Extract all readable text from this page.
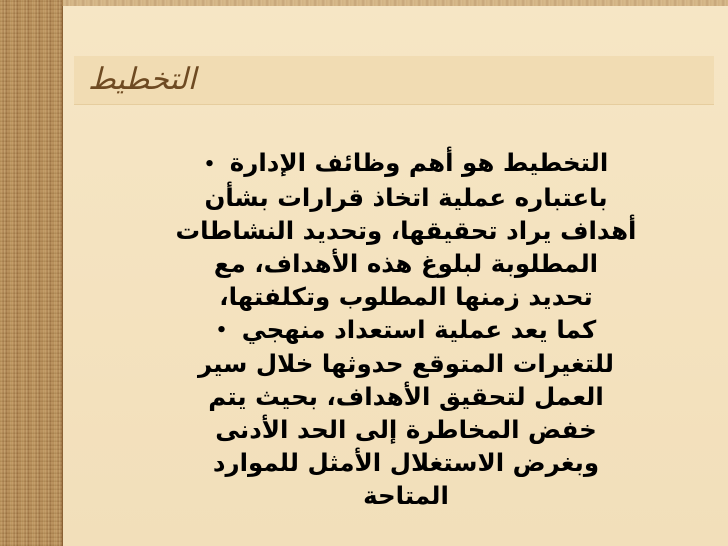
التخطيط

التخطيط هو أهم وظائف الإدارة •
باعتباره عملية اتخاذ قرارات بشأن
أهداف يراد تحقيقها، وتحديد النشاطات
المطلوبة لبلوغ هذه الأهداف، مع
تحديد زمنها المطلوب وتكلفتها،

كما يعد عملية استعداد منهجي •
للتغيرات المتوقع حدوثها خلال سير
العمل لتحقيق الأهداف، بحيث يتم
خفض المخاطرة إلى الحد الأدنى
وبغرض الاستغلال الأمثل للموارد
المتاحة
